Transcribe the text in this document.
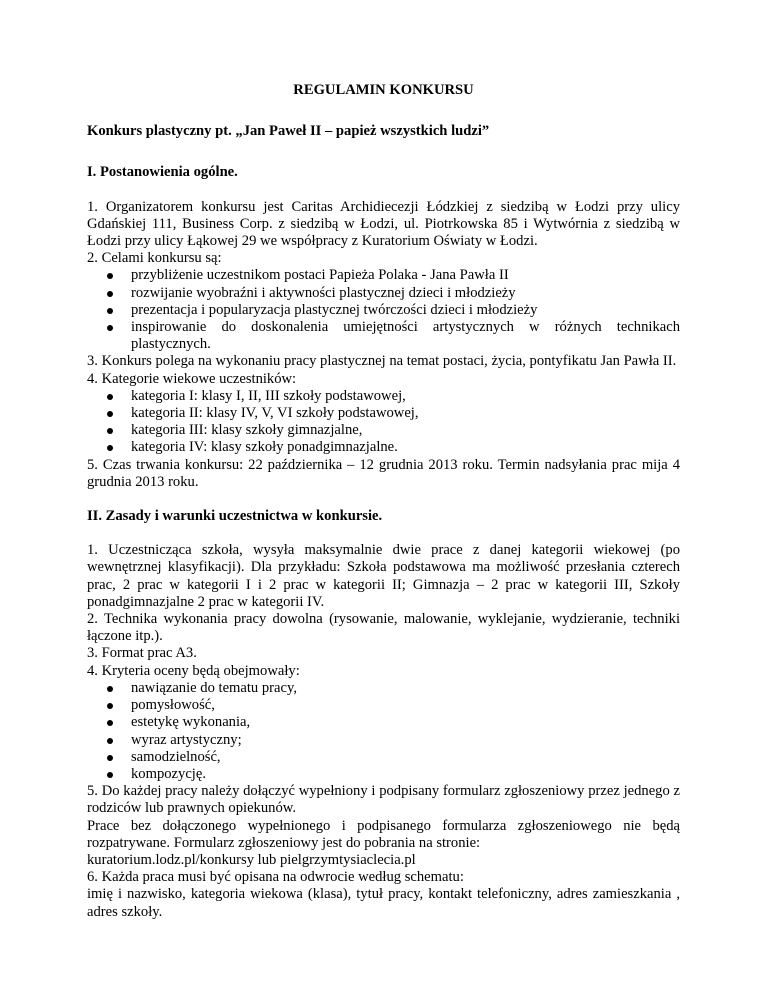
REGULAMIN KONKURSU

Konkurs plastyczny pt. „Jan Paweł II – papież wszystkich ludzi”

I. Postanowienia ogólne.

1. Organizatorem konkursu jest Caritas Archidiecezji Łódzkiej z siedzibą w Łodzi przy ulicy Gdańskiej 111, Business Corp. z siedzibą w Łodzi, ul. Piotrkowska 85 i Wytwórnia z siedzibą w Łodzi przy ulicy Łąkowej 29 we współpracy z Kuratorium Oświaty w Łodzi.

2. Celami konkursu są:

przybliżenie uczestnikom postaci Papieża Polaka - Jana Pawła II
rozwijanie wyobraźni i aktywności plastycznej dzieci i młodzieży
prezentacja i popularyzacja plastycznej twórczości dzieci i młodzieży
inspirowanie do doskonalenia umiejętności artystycznych w różnych technikach plastycznych.

3. Konkurs polega na wykonaniu pracy plastycznej na temat postaci, życia, pontyfikatu Jan Pawła II.

4. Kategorie wiekowe uczestników:

kategoria I: klasy I, II, III szkoły podstawowej,
kategoria II: klasy IV, V, VI szkoły podstawowej,
kategoria III: klasy szkoły gimnazjalne,
kategoria IV: klasy szkoły ponadgimnazjalne.

5. Czas trwania konkursu: 22 października – 12 grudnia 2013 roku. Termin nadsyłania prac mija 4 grudnia 2013 roku.

II. Zasady i warunki uczestnictwa w konkursie.

1. Uczestnicząca szkoła, wysyła maksymalnie dwie prace z danej kategorii wiekowej (po wewnętrznej klasyfikacji). Dla przykładu: Szkoła podstawowa ma możliwość przesłania czterech prac, 2 prac w kategorii I i 2 prac w kategorii II; Gimnazja – 2 prac w kategorii III, Szkoły ponadgimnazjalne 2 prac w kategorii IV.

2. Technika wykonania pracy dowolna (rysowanie, malowanie, wyklejanie, wydzieranie, techniki łączone itp.).

3. Format prac A3.

4. Kryteria oceny będą obejmowały:

nawiązanie do tematu pracy,
pomysłowość,
estetykę wykonania,
wyraz artystyczny;
samodzielność,
kompozycję.

5. Do każdej pracy należy dołączyć wypełniony i podpisany formularz zgłoszeniowy przez jednego z rodziców lub prawnych opiekunów.

Prace bez dołączonego wypełnionego i podpisanego formularza zgłoszeniowego nie będą rozpatrywane. Formularz zgłoszeniowy jest do pobrania na stronie:

kuratorium.lodz.pl/konkursy lub pielgrzymtysiaclecia.pl

6. Każda praca musi być opisana na odwrocie według schematu:

imię i nazwisko, kategoria wiekowa (klasa), tytuł pracy, kontakt telefoniczny, adres zamieszkania , adres szkoły.
